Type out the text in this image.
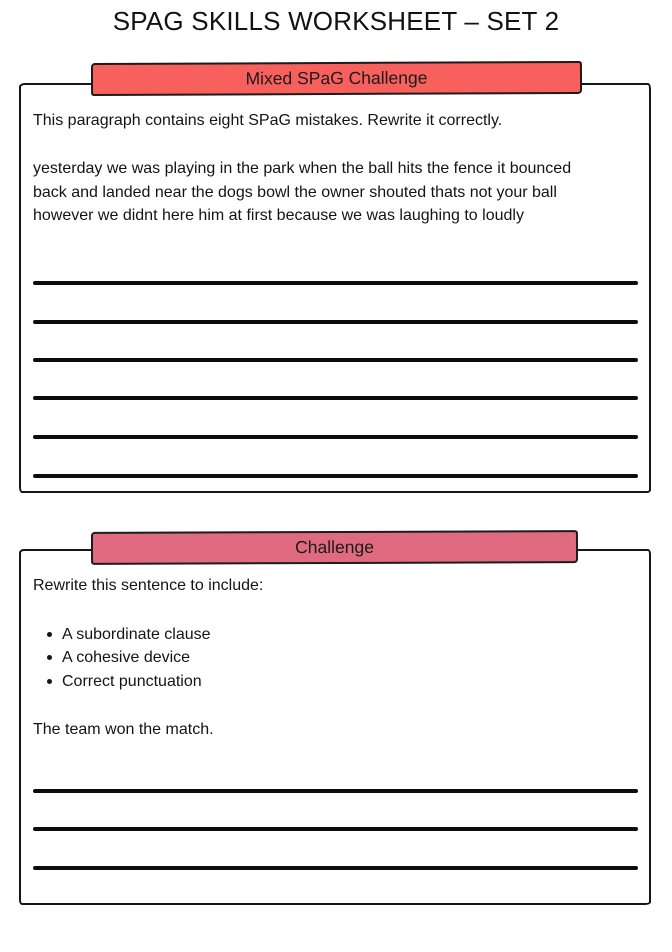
SPAG SKILLS WORKSHEET – SET 2
Mixed SPaG Challenge

This paragraph contains eight SPaG mistakes. Rewrite it correctly.

yesterday we was playing in the park when the ball hits the fence it bounced
back and landed near the dogs bowl the owner shouted thats not your ball
however we didnt here him at first because we was laughing to loudly
Challenge

Rewrite this sentence to include:

A subordinate clause
A cohesive device
Correct punctuation

The team won the match.
